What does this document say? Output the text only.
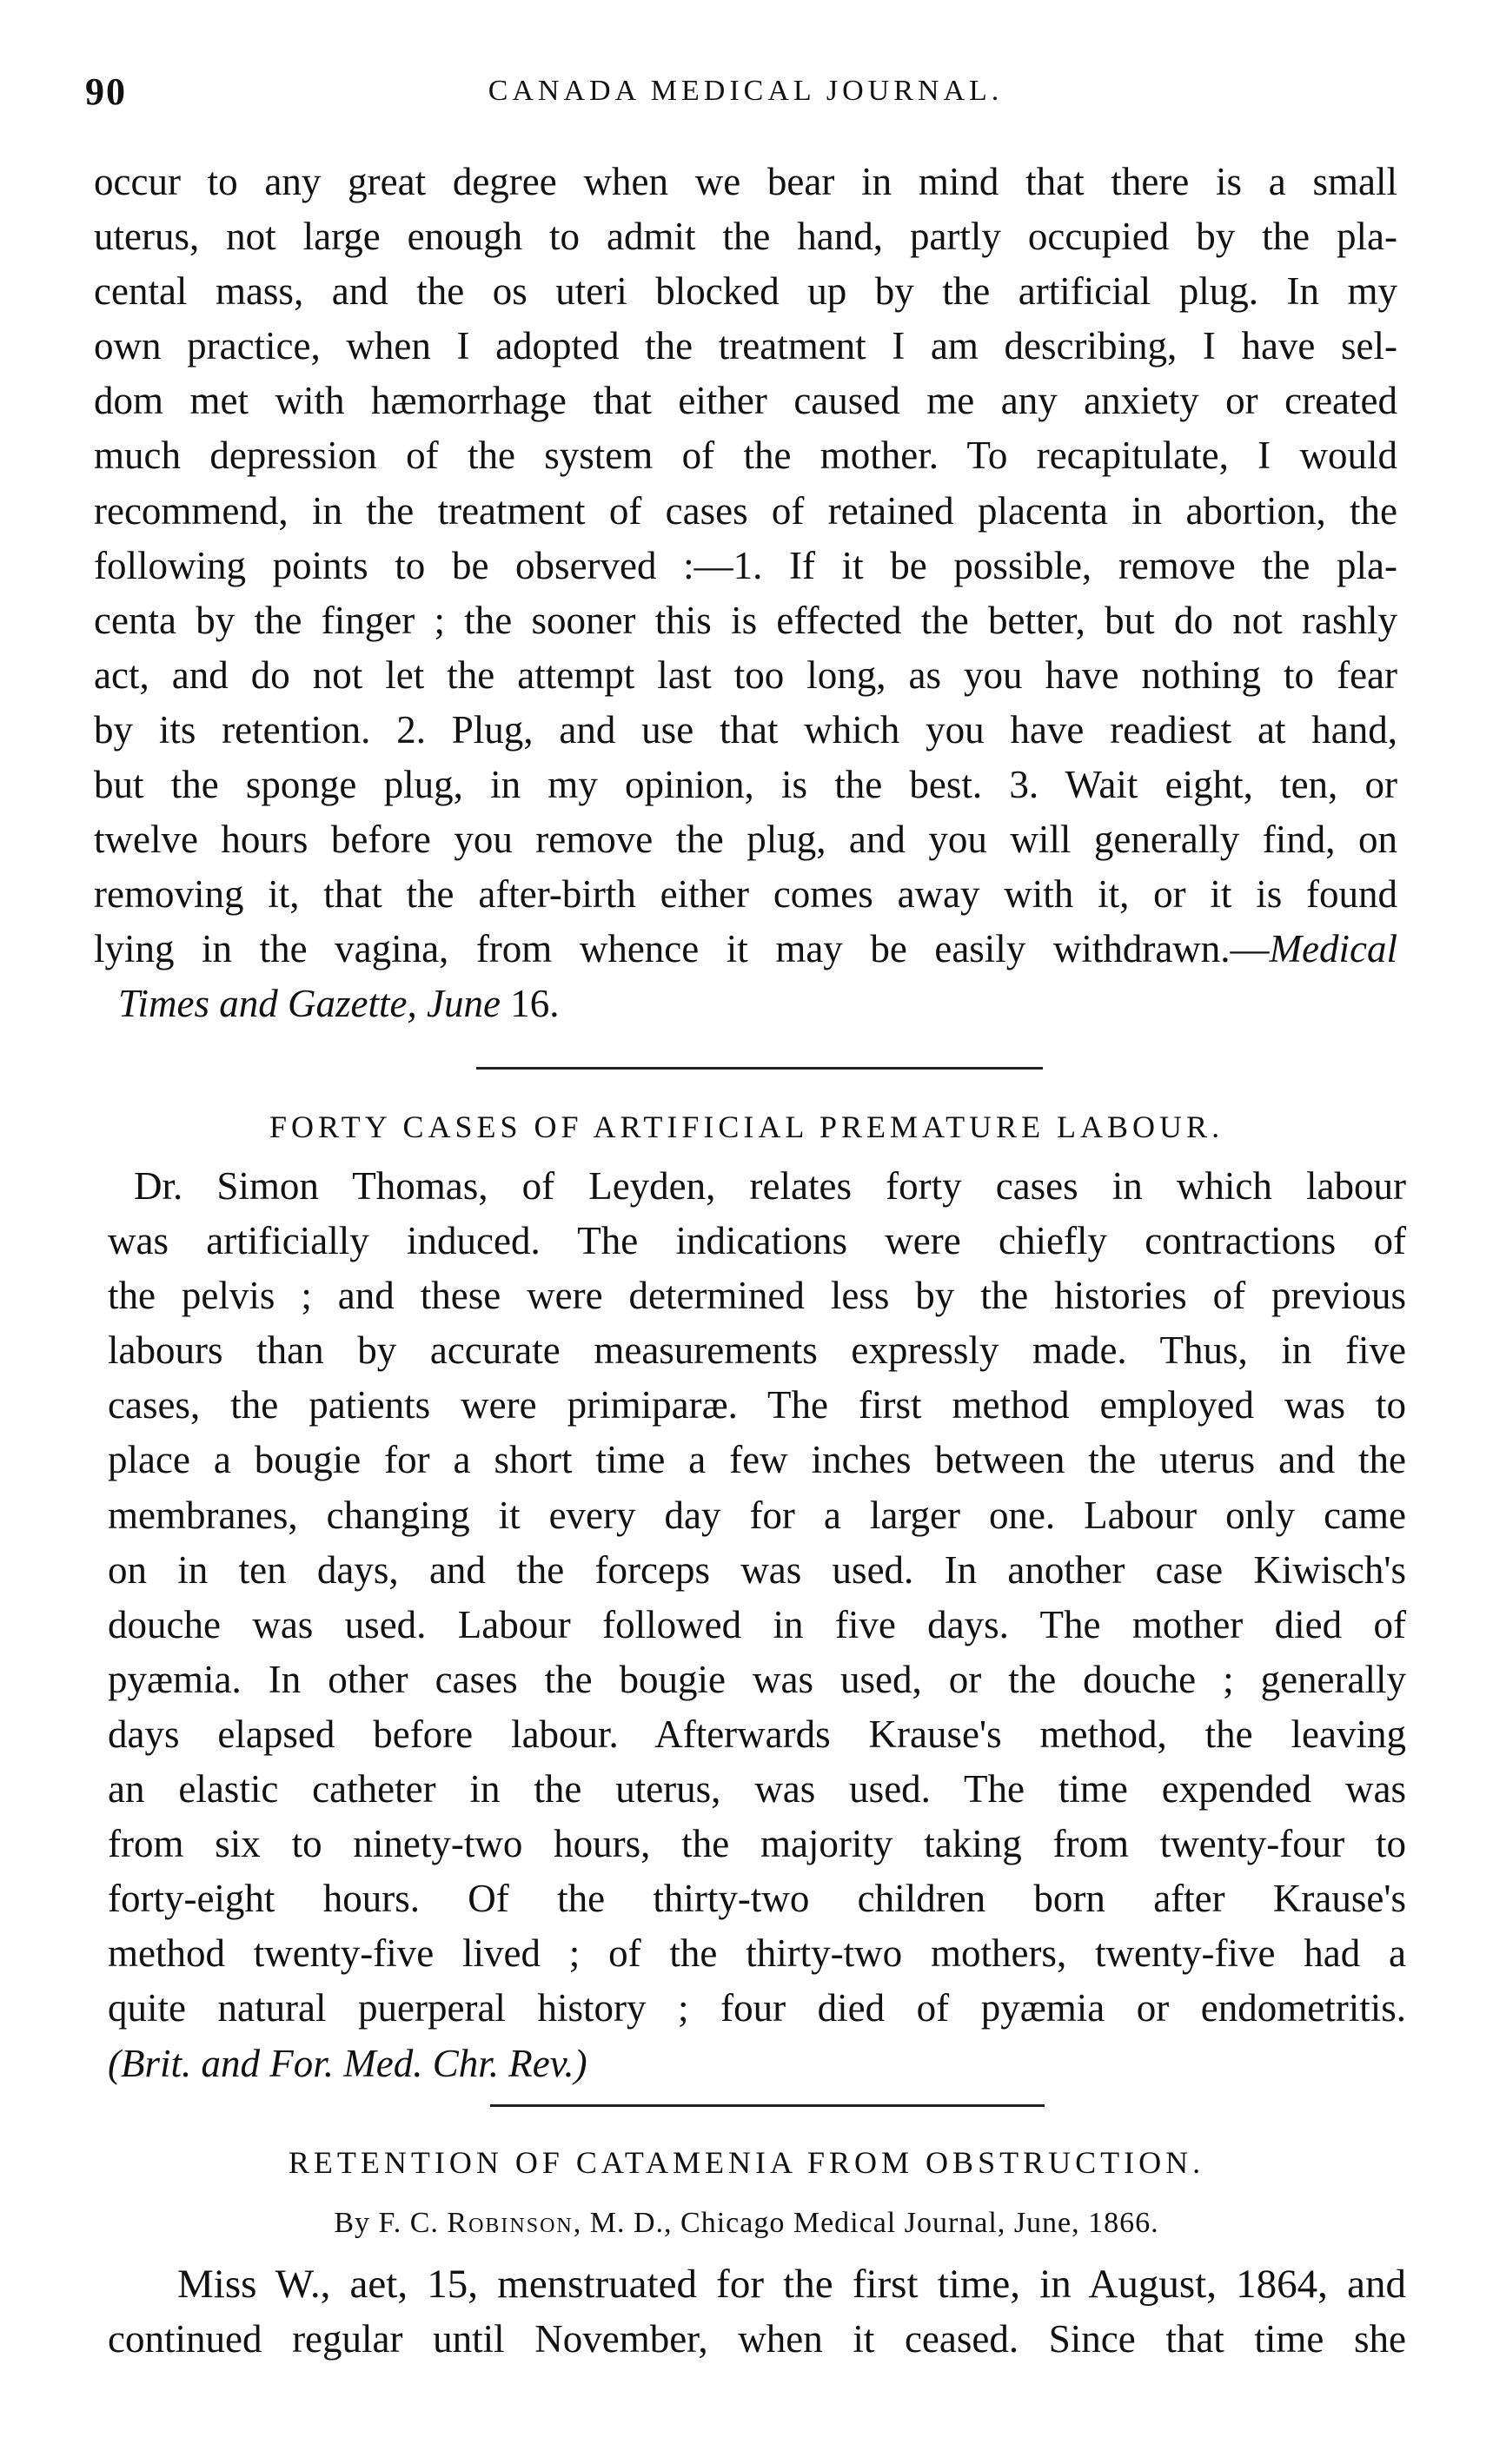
90	CANADA MEDICAL JOURNAL.
occur to any great degree when we bear in mind that there is a small
uterus, not large enough to admit the hand, partly occupied by the pla-
cental mass, and the os uteri blocked up by the artificial plug. In my
own practice, when I adopted the treatment I am describing, I have sel-
dom met with hæmorrhage that either caused me any anxiety or created
much depression of the system of the mother. To recapitulate, I would
recommend, in the treatment of cases of retained placenta in abortion, the
following points to be observed :—1. If it be possible, remove the pla-
centa by the finger ; the sooner this is effected the better, but do not rashly
act, and do not let the attempt last too long, as you have nothing to fear
by its retention. 2. Plug, and use that which you have readiest at hand,
but the sponge plug, in my opinion, is the best. 3. Wait eight, ten, or
twelve hours before you remove the plug, and you will generally find, on
removing it, that the after-birth either comes away with it, or it is found
lying in the vagina, from whence it may be easily withdrawn.—Medical
Times and Gazette, June 16.
FORTY CASES OF ARTIFICIAL PREMATURE LABOUR.
Dr. Simon Thomas, of Leyden, relates forty cases in which labour
was artificially induced. The indications were chiefly contractions of
the pelvis ; and these were determined less by the histories of previous
labours than by accurate measurements expressly made. Thus, in five
cases, the patients were primiparæ. The first method employed was to
place a bougie for a short time a few inches between the uterus and the
membranes, changing it every day for a larger one. Labour only came
on in ten days, and the forceps was used. In another case Kiwisch's
douche was used. Labour followed in five days. The mother died of
pyæmia. In other cases the bougie was used, or the douche ; generally
days elapsed before labour. Afterwards Krause's method, the leaving
an elastic catheter in the uterus, was used. The time expended was
from six to ninety-two hours, the majority taking from twenty-four to
forty-eight hours. Of the thirty-two children born after Krause's
method twenty-five lived ; of the thirty-two mothers, twenty-five had a
quite natural puerperal history ; four died of pyæmia or endometritis.
(Brit. and For. Med. Chr. Rev.)
RETENTION OF CATAMENIA FROM OBSTRUCTION.
By F. C. Robinson, M. D., Chicago Medical Journal, June, 1866.
Miss W., aet, 15, menstruated for the first time, in August, 1864, and
continued regular until November, when it ceased. Since that time she
